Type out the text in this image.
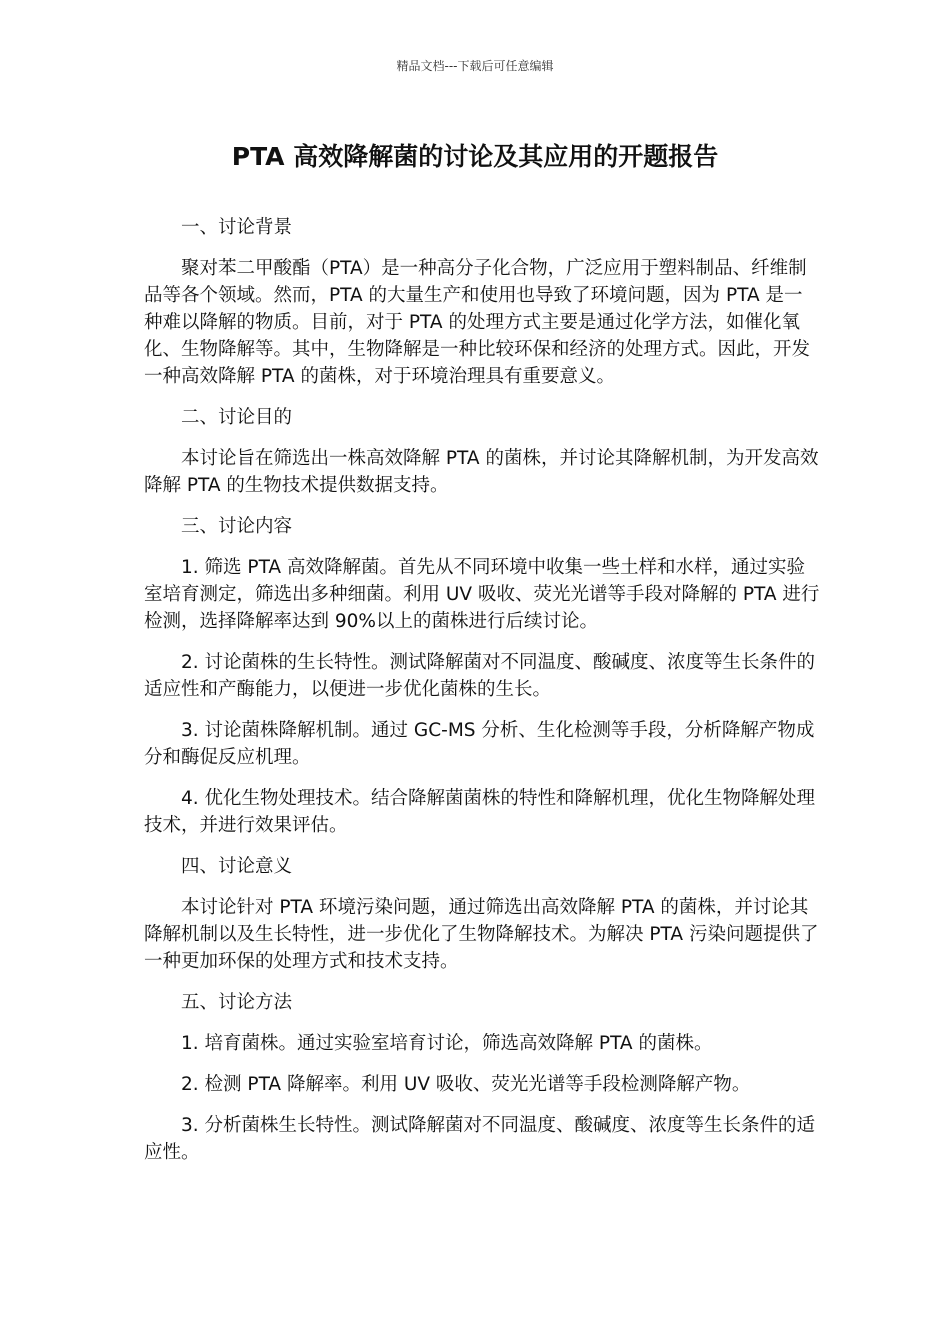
精品文档---下载后可任意编辑
PTA 高效降解菌的讨论及其应用的开题报告

一、讨论背景

聚对苯二甲酸酯（PTA）是一种高分子化合物，广泛应用于塑料制品、纤维制品等各个领域。然而，PTA 的大量生产和使用也导致了环境问题，因为 PTA 是一种难以降解的物质。目前，对于 PTA 的处理方式主要是通过化学方法，如催化氧化、生物降解等。其中，生物降解是一种比较环保和经济的处理方式。因此，开发一种高效降解 PTA 的菌株，对于环境治理具有重要意义。

二、讨论目的

本讨论旨在筛选出一株高效降解 PTA 的菌株，并讨论其降解机制，为开发高效降解 PTA 的生物技术提供数据支持。

三、讨论内容

1. 筛选 PTA 高效降解菌。首先从不同环境中收集一些土样和水样，通过实验室培育测定，筛选出多种细菌。利用 UV 吸收、荧光光谱等手段对降解的 PTA 进行检测，选择降解率达到 90%以上的菌株进行后续讨论。

2. 讨论菌株的生长特性。测试降解菌对不同温度、酸碱度、浓度等生长条件的适应性和产酶能力，以便进一步优化菌株的生长。

3. 讨论菌株降解机制。通过 GC-MS 分析、生化检测等手段，分析降解产物成分和酶促反应机理。

4. 优化生物处理技术。结合降解菌菌株的特性和降解机理，优化生物降解处理技术，并进行效果评估。

四、讨论意义

本讨论针对 PTA 环境污染问题，通过筛选出高效降解 PTA 的菌株，并讨论其降解机制以及生长特性，进一步优化了生物降解技术。为解决 PTA 污染问题提供了一种更加环保的处理方式和技术支持。

五、讨论方法

1. 培育菌株。通过实验室培育讨论，筛选高效降解 PTA 的菌株。

2. 检测 PTA 降解率。利用 UV 吸收、荧光光谱等手段检测降解产物。

3. 分析菌株生长特性。测试降解菌对不同温度、酸碱度、浓度等生长条件的适应性。
